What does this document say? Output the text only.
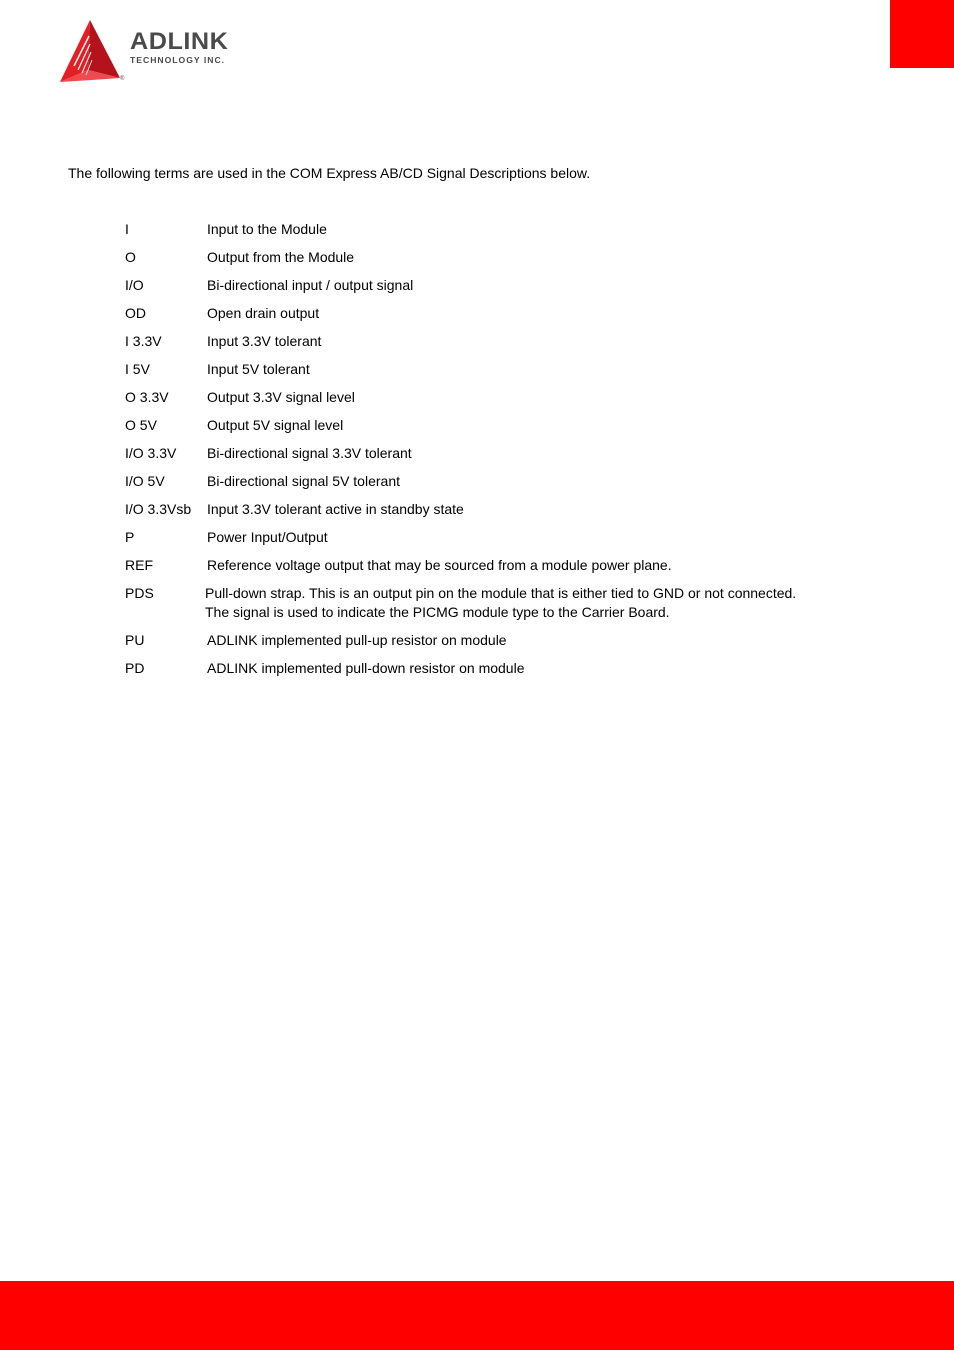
ADLINK
TECHNOLOGY INC.
®

The following terms are used in the COM Express AB/CD Signal Descriptions below.

I	Input to the Module
O	Output from the Module
I/O	Bi-directional input / output signal
OD	Open drain output
I 3.3V	Input 3.3V tolerant
I 5V	Input 5V tolerant
O 3.3V	Output 3.3V signal level
O 5V	Output 5V signal level
I/O 3.3V	Bi-directional signal 3.3V tolerant
I/O 5V	Bi-directional signal 5V tolerant
I/O 3.3Vsb	Input 3.3V tolerant active in standby state
P	Power Input/Output
REF	Reference voltage output that may be sourced from a module power plane.
PDS	Pull-down strap. This is an output pin on the module that is either tied to GND or not connected.
The signal is used to indicate the PICMG module type to the Carrier Board.
PU	ADLINK implemented pull-up resistor on module
PD	ADLINK implemented pull-down resistor on module
